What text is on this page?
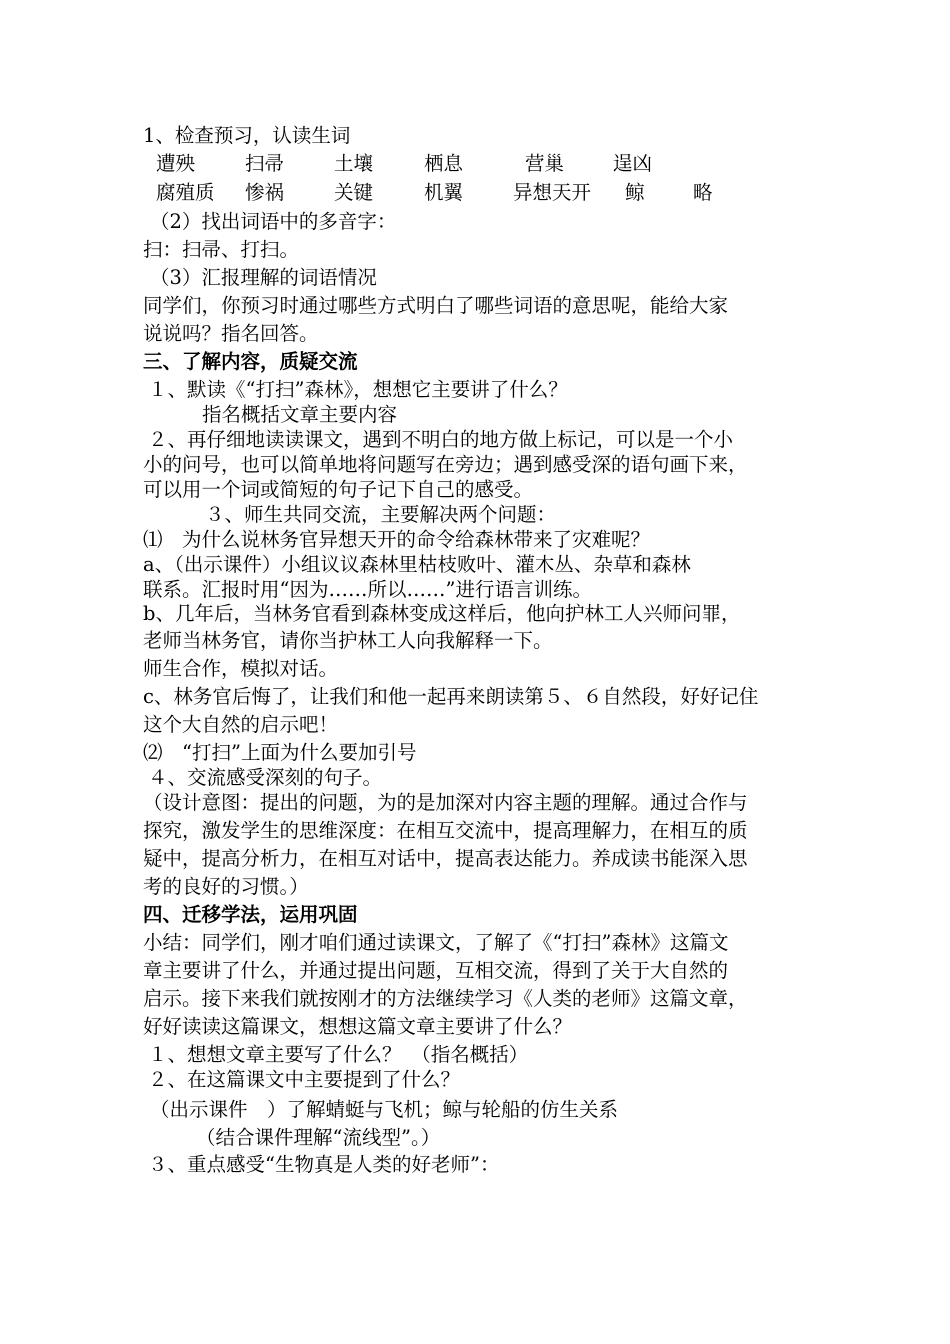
1、检查预习，认读生词
遭殃	扫帚	土壤	栖息	营巢	逞凶
腐殖质 惨祸	关键	机翼	异想天开 鲸 略
（2）找出词语中的多音字：
扫：扫帚、打扫。
（3）汇报理解的词语情况
同学们，你预习时通过哪些方式明白了哪些词语的意思呢，能给大家
说说吗？指名回答。
三、了解内容，质疑交流
１、默读《“打扫”森林》，想想它主要讲了什么？
指名概括文章主要内容
２、再仔细地读读课文，遇到不明白的地方做上标记，可以是一个小
小的问号，也可以简单地将问题写在旁边；遇到感受深的语句画下来，
可以用一个词或简短的句子记下自己的感受。
３、师生共同交流，主要解决两个问题：
⑴　为什么说林务官异想天开的命令给森林带来了灾难呢？
a、（出示课件）小组议议森林里枯枝败叶、灌木丛、杂草和森林
联系。汇报时用“因为……所以……”进行语言训练。
b、几年后，当林务官看到森林变成这样后，他向护林工人兴师问罪，
老师当林务官，请你当护林工人向我解释一下。
师生合作，模拟对话。
c、林务官后悔了，让我们和他一起再来朗读第５、６自然段，好好记住
这个大自然的启示吧！
⑵　“打扫”上面为什么要加引号
４、交流感受深刻的句子。
（设计意图：提出的问题，为的是加深对内容主题的理解。通过合作与
探究，激发学生的思维深度：在相互交流中，提高理解力，在相互的质
疑中，提高分析力，在相互对话中，提高表达能力。养成读书能深入思
考的良好的习惯。）
四、迁移学法，运用巩固
小结：同学们，刚才咱们通过读课文，了解了《“打扫”森林》这篇文
章主要讲了什么，并通过提出问题，互相交流，得到了关于大自然的
启示。接下来我们就按刚才的方法继续学习《人类的老师》这篇文章，
好好读读这篇课文，想想这篇文章主要讲了什么？
１、想想文章主要写了什么？　（指名概括）
２、在这篇课文中主要提到了什么？
（出示课件　）了解蜻蜓与飞机；鲸与轮船的仿生关系
（结合课件理解“流线型”。）
３、重点感受“生物真是人类的好老师”：
